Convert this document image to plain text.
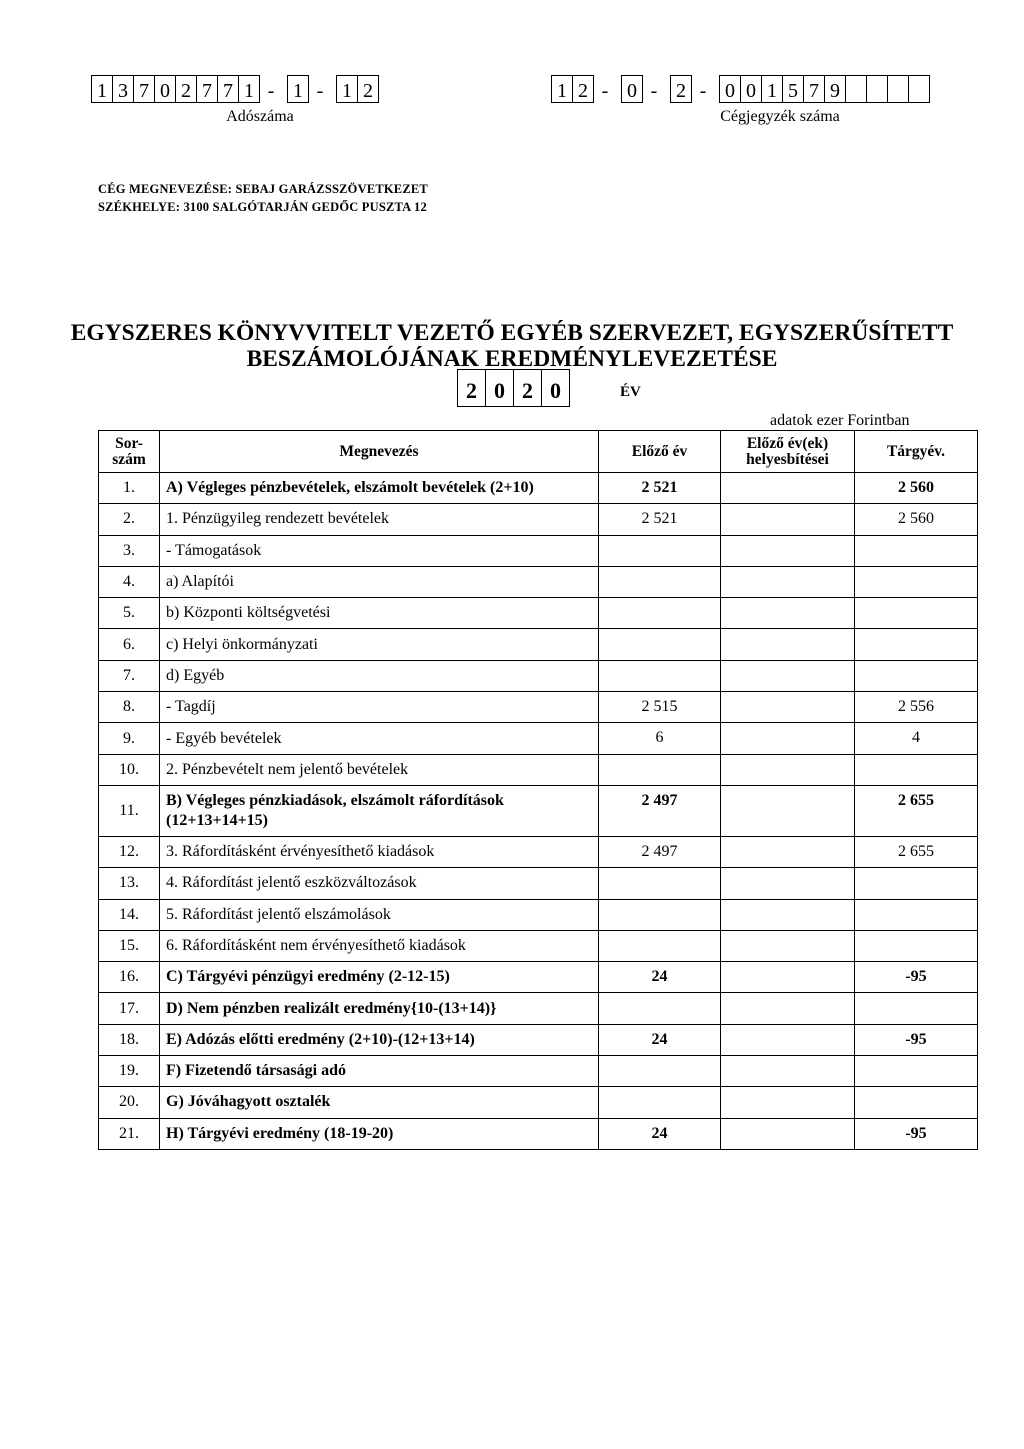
1 3 7 0 2 7 7 1 - 1 - 1 2
Adószáma
1 2 - 0 - 2 - 0 0 1 5 7 9
Cégjegyzék száma
CÉG MEGNEVEZÉSE: SEBAJ GARÁZSSZÖVETKEZET
SZÉKHELYE: 3100 SALGÓTARJÁN GEDŐC PUSZTA 12
EGYSZERES KÖNYVVITELT VEZETŐ EGYÉB SZERVEZET, EGYSZERŰSÍTETT
BESZÁMOLÓJÁNAK EREDMÉNYLEVEZETÉSE
2 0 2 0	ÉV
adatok ezer Forintban
Sor-
szám	Megnevezés	Előző év	Előző év(ek)
helyesbítései	Tárgyév.
1.	A) Végleges pénzbevételek, elszámolt bevételek (2+10)	2 521		2 560
2.	1. Pénzügyileg rendezett bevételek	2 521		2 560
3.	- Támogatások			
4.	a) Alapítói			
5.	b) Központi költségvetési			
6.	c) Helyi önkormányzati			
7.	d) Egyéb			
8.	- Tagdíj	2 515		2 556
9.	- Egyéb bevételek	6		4
10.	2. Pénzbevételt nem jelentő bevételek			
11.	B) Végleges pénzkiadások, elszámolt ráfordítások (12+13+14+15)	2 497		2 655
12.	3. Ráfordításként érvényesíthető kiadások	2 497		2 655
13.	4. Ráfordítást jelentő eszközváltozások			
14.	5. Ráfordítást jelentő elszámolások			
15.	6. Ráfordításként nem érvényesíthető kiadások			
16.	C) Tárgyévi pénzügyi eredmény (2-12-15)	24		-95
17.	D) Nem pénzben realizált eredmény{10-(13+14)}			
18.	E) Adózás előtti eredmény (2+10)-(12+13+14)	24		-95
19.	F) Fizetendő társasági adó			
20.	G) Jóváhagyott osztalék			
21.	H) Tárgyévi eredmény (18-19-20)	24		-95
